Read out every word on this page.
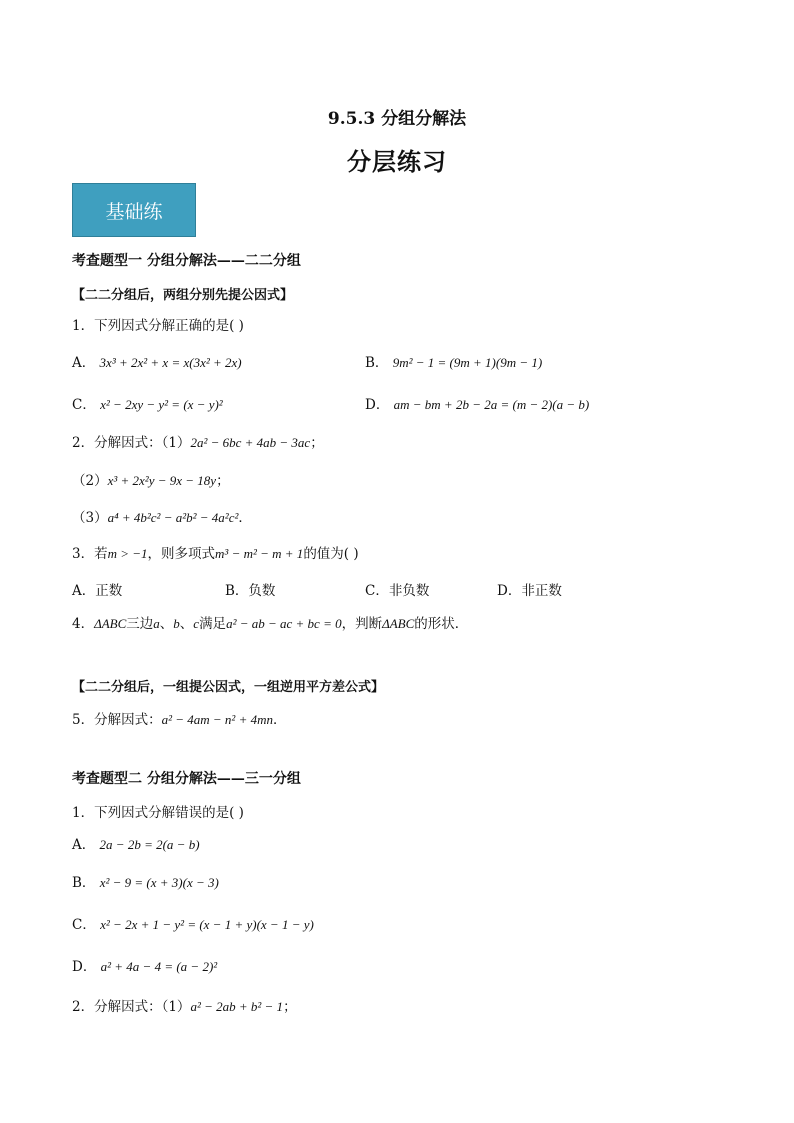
9.5.3 分组分解法
分层练习
基础练
考查题型一 分组分解法——二二分组
【二二分组后，两组分别先提公因式】
1．下列因式分解正确的是( )
A． 3x³ + 2x² + x = x(3x² + 2x)	B． 9m² − 1 = (9m + 1)(9m − 1)
C． x² − 2xy − y² = (x − y)²	D． am − bm + 2b − 2a = (m − 2)(a − b)
2．分解因式：（1）2a² − 6bc + 4ab − 3ac；
（2）x³ + 2x²y − 9x − 18y；
（3）a⁴ + 4b²c² − a²b² − 4a²c²．
3．若m > −1，则多项式m³ − m² − m + 1的值为( )
A．正数	B．负数	C．非负数	D．非正数
4．ΔABC三边a、b、c满足a² − ab − ac + bc = 0，判断ΔABC的形状．
【二二分组后，一组提公因式，一组逆用平方差公式】
5．分解因式：a² − 4am − n² + 4mn．
考查题型二 分组分解法——三一分组
1．下列因式分解错误的是( )
A． 2a − 2b = 2(a − b)
B． x² − 9 = (x + 3)(x − 3)
C． x² − 2x + 1 − y² = (x − 1 + y)(x − 1 − y)
D． a² + 4a − 4 = (a − 2)²
2．分解因式：（1）a² − 2ab + b² − 1；
